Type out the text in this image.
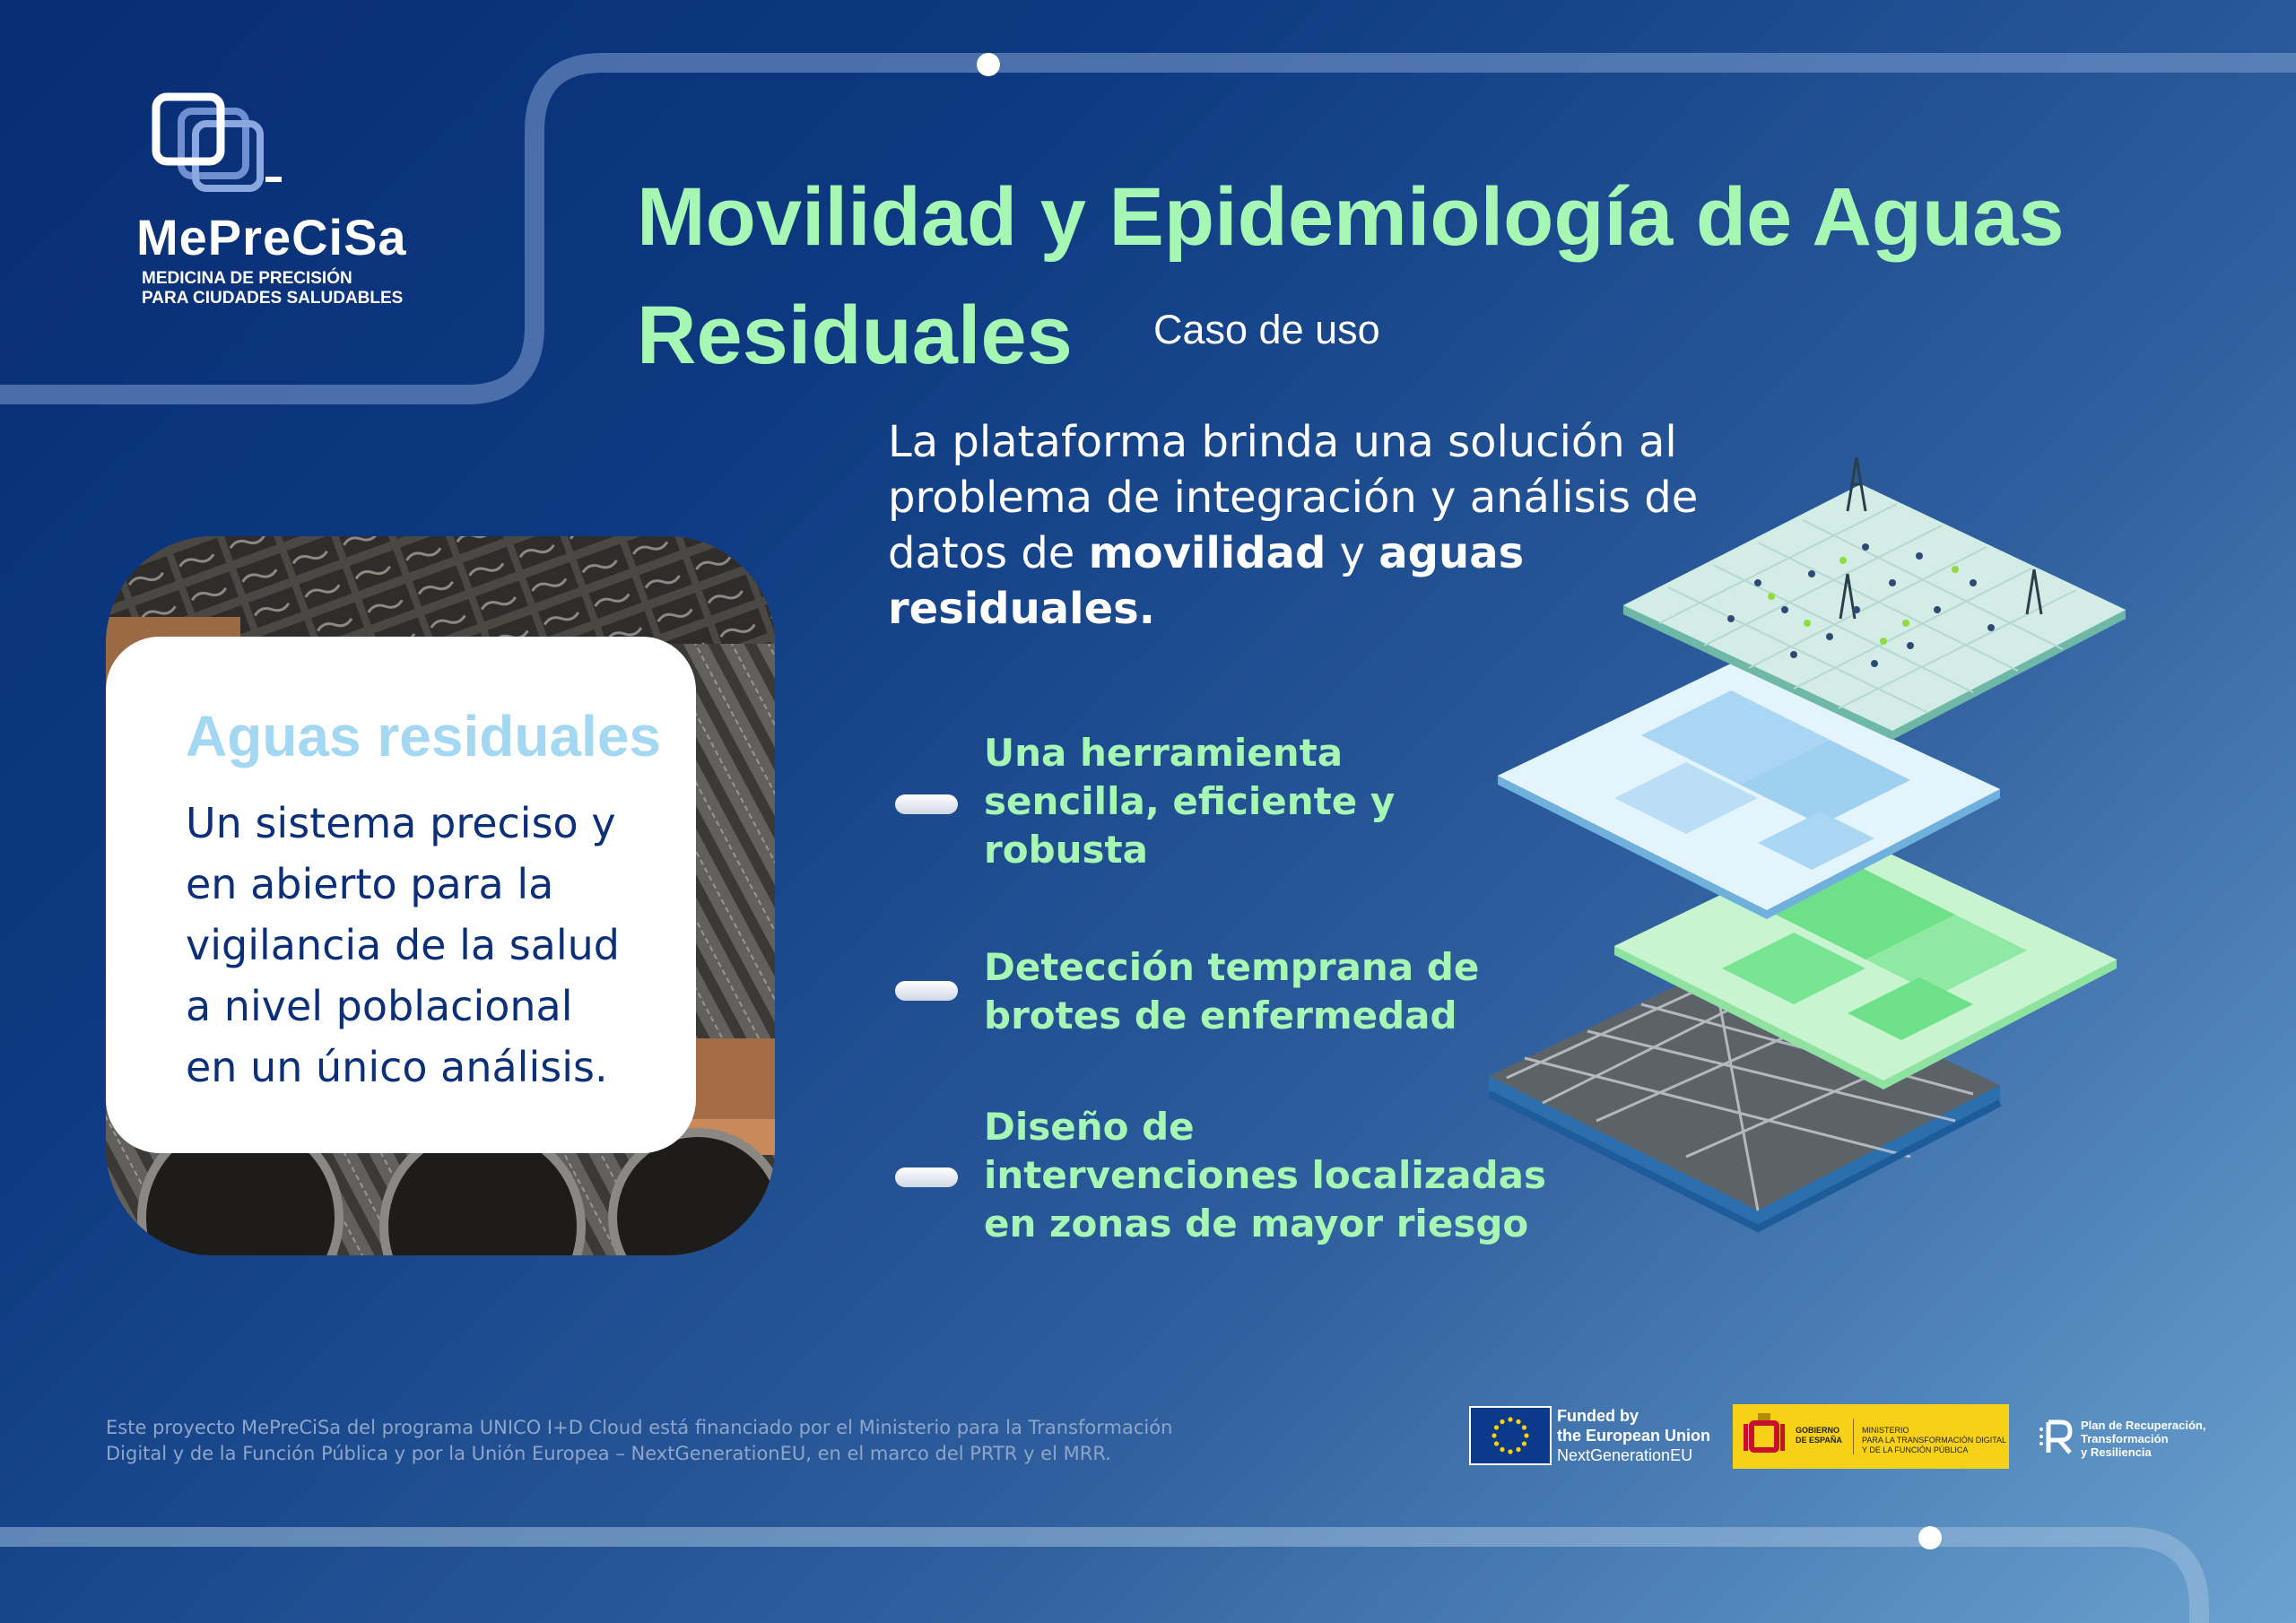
MePreCiSa
MEDICINA DE PRECISIÓN
PARA CIUDADES SALUDABLES
Movilidad y Epidemiología de Aguas
Residuales	Caso de uso
La plataforma brinda una solución al
problema de integración y análisis de
datos de movilidad y aguas
residuales.
Aguas residuales
Un sistema preciso y
en abierto para la
vigilancia de la salud
a nivel poblacional
en un único análisis.
Una herramienta
sencilla, eficiente y
robusta
Detección temprana de
brotes de enfermedad
Diseño de
intervenciones localizadas
en zonas de mayor riesgo
Este proyecto MePreCiSa del programa UNICO I+D Cloud está financiado por el Ministerio para la Transformación
Digital y de la Función Pública y por la Unión Europea – NextGenerationEU, en el marco del PRTR y el MRR.
Funded by
the European Union
NextGenerationEU
GOBIERNO
DE ESPAÑA
MINISTERIO
PARA LA TRANSFORMACIÓN DIGITAL
Y DE LA FUNCIÓN PÚBLICA
Plan de Recuperación,
Transformación
y Resiliencia
